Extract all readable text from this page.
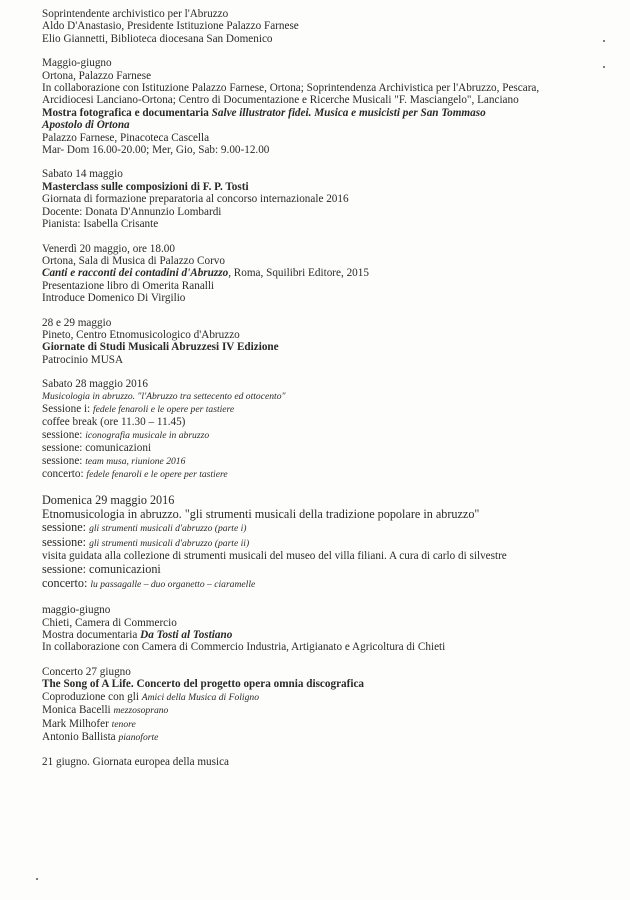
Soprintendente archivistico per l'Abruzzo
Aldo D'Anastasio, Presidente Istituzione Palazzo Farnese
Elio Giannetti, Biblioteca diocesana San Domenico
Maggio-giugno
Ortona, Palazzo Farnese
In collaborazione con Istituzione Palazzo Farnese, Ortona; Soprintendenza Archivistica per l'Abruzzo, Pescara,
Arcidiocesi Lanciano-Ortona; Centro di Documentazione e Ricerche Musicali "F. Masciangelo", Lanciano
Mostra fotografica e documentaria Salve illustrator fidei. Musica e musicisti per San Tommaso
Apostolo di Ortona
Palazzo Farnese, Pinacoteca Cascella
Mar- Dom 16.00-20.00; Mer, Gio, Sab: 9.00-12.00
Sabato 14 maggio
Masterclass sulle composizioni di F. P. Tosti
Giornata di formazione preparatoria al concorso internazionale 2016
Docente: Donata D'Annunzio Lombardi
Pianista: Isabella Crisante
Venerdì 20 maggio, ore 18.00
Ortona, Sala di Musica di Palazzo Corvo
Canti e racconti dei contadini d'Abruzzo, Roma, Squilibri Editore, 2015
Presentazione libro di Omerita Ranalli
Introduce Domenico Di Virgilio
28 e 29 maggio
Pineto, Centro Etnomusicologico d'Abruzzo
Giornate di Studi Musicali Abruzzesi IV Edizione
Patrocinio MUSA
Sabato 28 maggio 2016
Musicologia in abruzzo. "l'Abruzzo tra settecento ed ottocento"
Sessione i: fedele fenaroli e le opere per tastiere
coffee break (ore 11.30 – 11.45)
sessione: iconografia musicale in abruzzo
sessione: comunicazioni
sessione: team musa, riunione 2016
concerto: fedele fenaroli e le opere per tastiere
Domenica 29 maggio 2016
Etnomusicologia in abruzzo. "gli strumenti musicali della tradizione popolare in abruzzo"
sessione: gli strumenti musicali d'abruzzo (parte i)
sessione: gli strumenti musicali d'abruzzo (parte ii)
visita guidata alla collezione di strumenti musicali del museo del villa filiani. A cura di carlo di silvestre
sessione: comunicazioni
concerto: lu passagalle – duo organetto – ciaramelle
maggio-giugno
Chieti, Camera di Commercio
Mostra documentaria Da Tosti al Tostiano
In collaborazione con Camera di Commercio Industria, Artigianato e Agricoltura di Chieti
Concerto 27 giugno
The Song of A Life. Concerto del progetto opera omnia discografica
Coproduzione con gli Amici della Musica di Foligno
Monica Bacelli mezzosoprano
Mark Milhofer tenore
Antonio Ballista pianoforte
21 giugno. Giornata europea della musica
